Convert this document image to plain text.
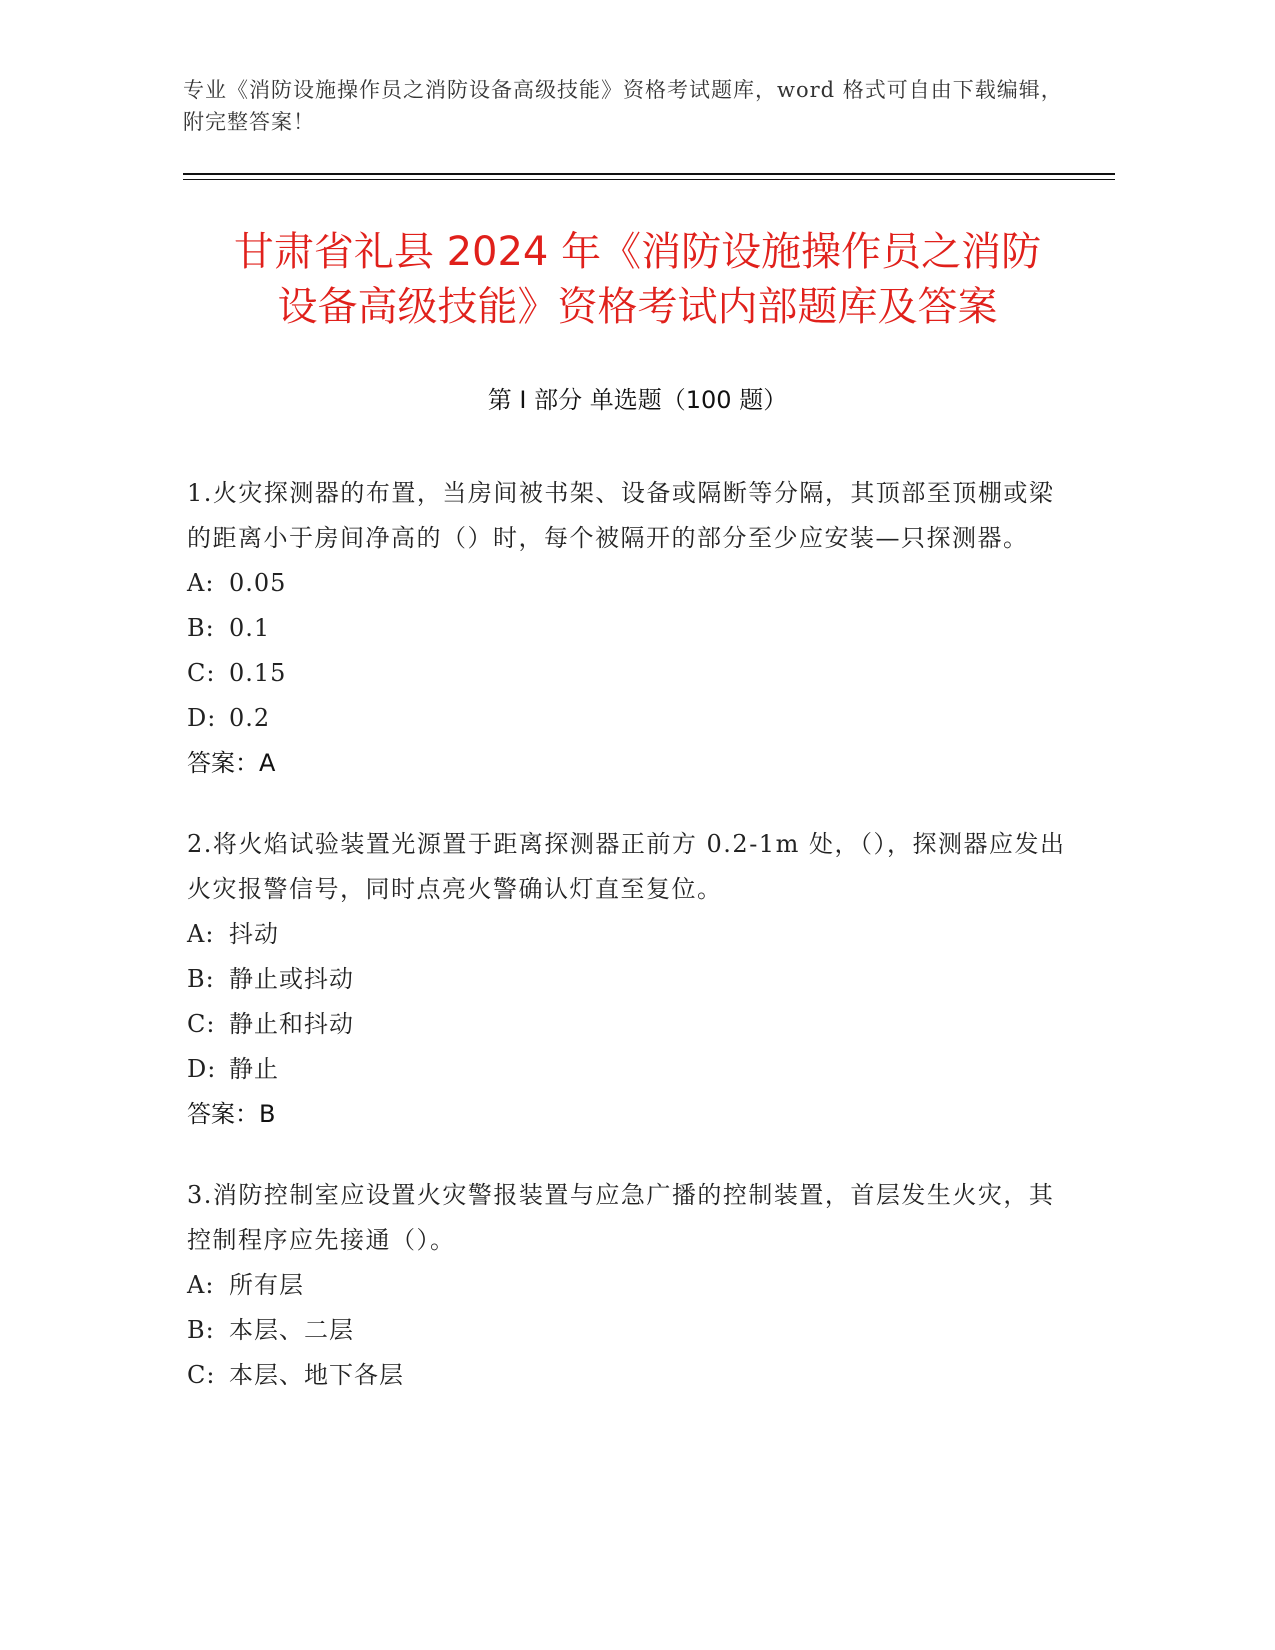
专业《消防设施操作员之消防设备高级技能》资格考试题库，word 格式可自由下载编辑，附完整答案！
甘肃省礼县 2024 年《消防设施操作员之消防
设备高级技能》资格考试内部题库及答案
第 I 部分 单选题（100 题）
1.火灾探测器的布置，当房间被书架、设备或隔断等分隔，其顶部至顶棚或梁的距离小于房间净高的（）时，每个被隔开的部分至少应安装—只探测器。
A: 0.05
B: 0.1
C: 0.15
D: 0.2
答案：A
2.将火焰试验装置光源置于距离探测器正前方 0.2-1m 处，（），探测器应发出火灾报警信号，同时点亮火警确认灯直至复位。
A: 抖动
B: 静止或抖动
C: 静止和抖动
D: 静止
答案：B
3.消防控制室应设置火灾警报装置与应急广播的控制装置，首层发生火灾，其控制程序应先接通（）。
A: 所有层
B: 本层、二层
C: 本层、地下各层
